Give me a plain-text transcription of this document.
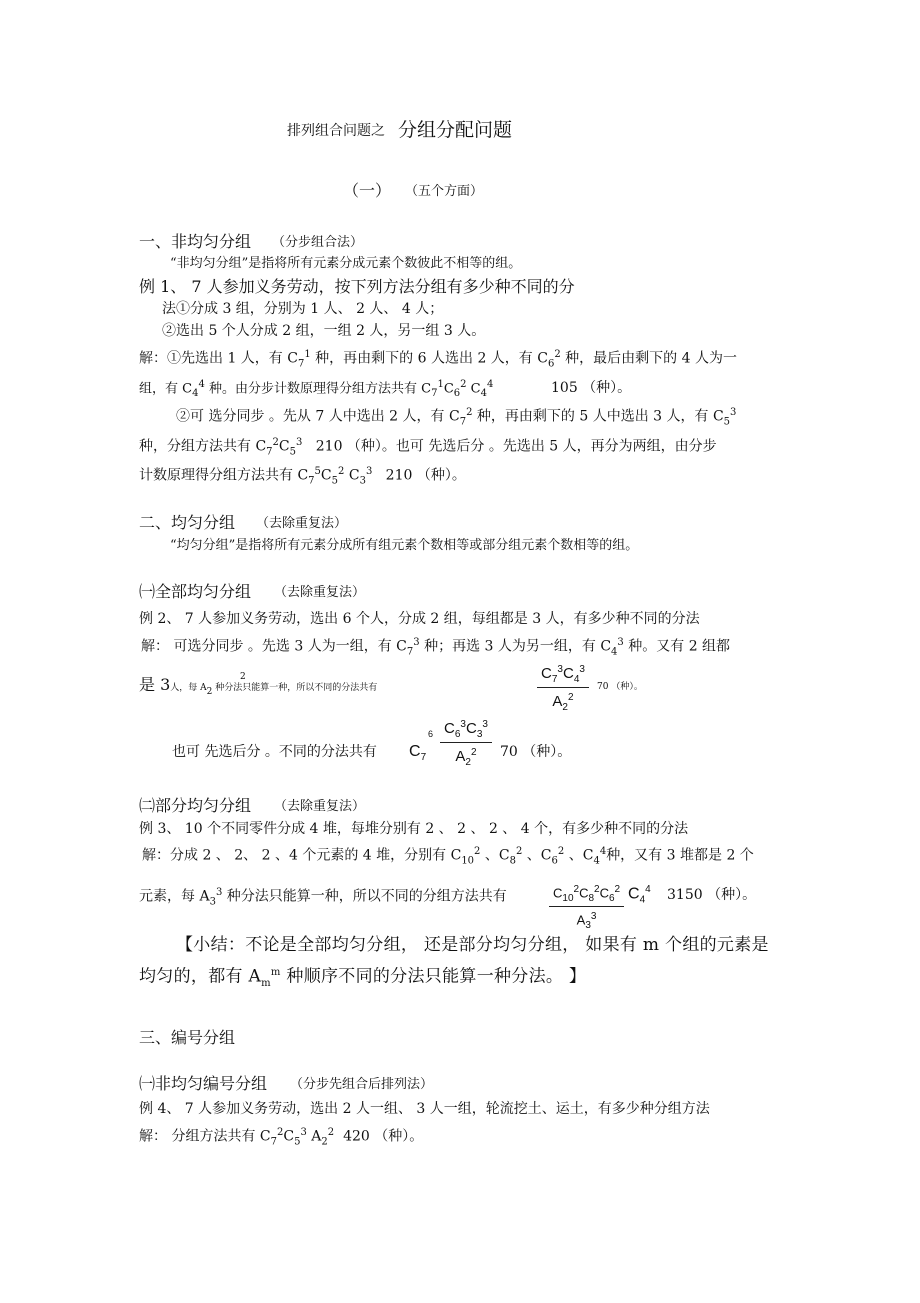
排列组合问题之 分组分配问题
（一） （五个方面）
一、非均匀分组 （分步组合法）
“非均匀分组”是指将所有元素分成元素个数彼此不相等的组。
例 1、 7 人参加义务劳动，按下列方法分组有多少种不同的分
法①分成 3 组，分别为 1 人、 2 人、 4 人；
②选出 5 个人分成 2 组，一组 2 人，另一组 3 人。
解：①先选出 1 人，有 $C_7^1$ 种，再由剩下的 6 人选出 2 人，有 $C_6^2$ 种，最后由剩下的 4 人为一
组，有 $C_4^4$ 种。由分步计数原理得分组方法共有 $C_7^1C_6^2$ $C_4^4$	105 （种）。
②可 选分同步 。先从 7 人中选出 2 人，有 $C_7^2$ 种，再由剩下的 5 人中选出 3 人，有 $C_5^3$
种，分组方法共有 $C_7^2C_5^3$ 210 （种）。也可 先选后分 。先选出 5 人，再分为两组，由分步
计数原理得分组方法共有 $C_7^5C_5^2$ $C_3^3$ 210 （种）。
二、均匀分组 （去除重复法）
“均匀分组”是指将所有元素分成所有组元素个数相等或部分组元素个数相等的组。
㈠全部均匀分组 （去除重复法）
例 2、 7 人参加义务劳动，选出 6 个人，分成 2 组，每组都是 3 人，有多少种不同的分法
解： 可选分同步 。先选 3 人为一组，有 $C_7^3$ 种；再选 3 人为另一组，有 $C_4^3$ 种。又有 2 组都
是 3人，每 $A_2$ 种分法只能算一种，所以不同的分法共有
2	$\frac{C_7^3C_4^3}{A_2^2} 70$ （种）。
也可 先选后分 。不同的分法共有 $C_7$
$6 \frac{C_6^3C_3^3}{A_2^2} 70$ （种）。
㈡部分均匀分组 （去除重复法）
例 3、 10 个不同零件分成 4 堆，每堆分别有 2 、 2 、 2 、 4 个，有多少种不同的分法
解：分成 2 、 2、 2 、4 个元素的 4 堆，分别有 $C_{10}^2$ 、$C_8^2$ 、$C_6^2$ 、$C_4^4$种，又有 3 堆都是 2 个
元素，每 $A_3^3$ 种分法只能算一种，所以不同的分组方法共有	$\frac{C_{10}^2C_8^2C_6^2}{A_3^3} C_4^4$ 3150 （种）。
【小结：不论是全部均匀分组， 还是部分均匀分组， 如果有 m 个组的元素是
均匀的，都有 $A_m^m$ 种顺序不同的分法只能算一种分法。 】
三、编号分组
㈠非均匀编号分组 （分步先组合后排列法）
例 4、 7 人参加义务劳动，选出 2 人一组、 3 人一组，轮流挖土、运土，有多少种分组方法
解： 分组方法共有 $C_7^2C_5^3$ $A_2^2$ 420 （种）。
